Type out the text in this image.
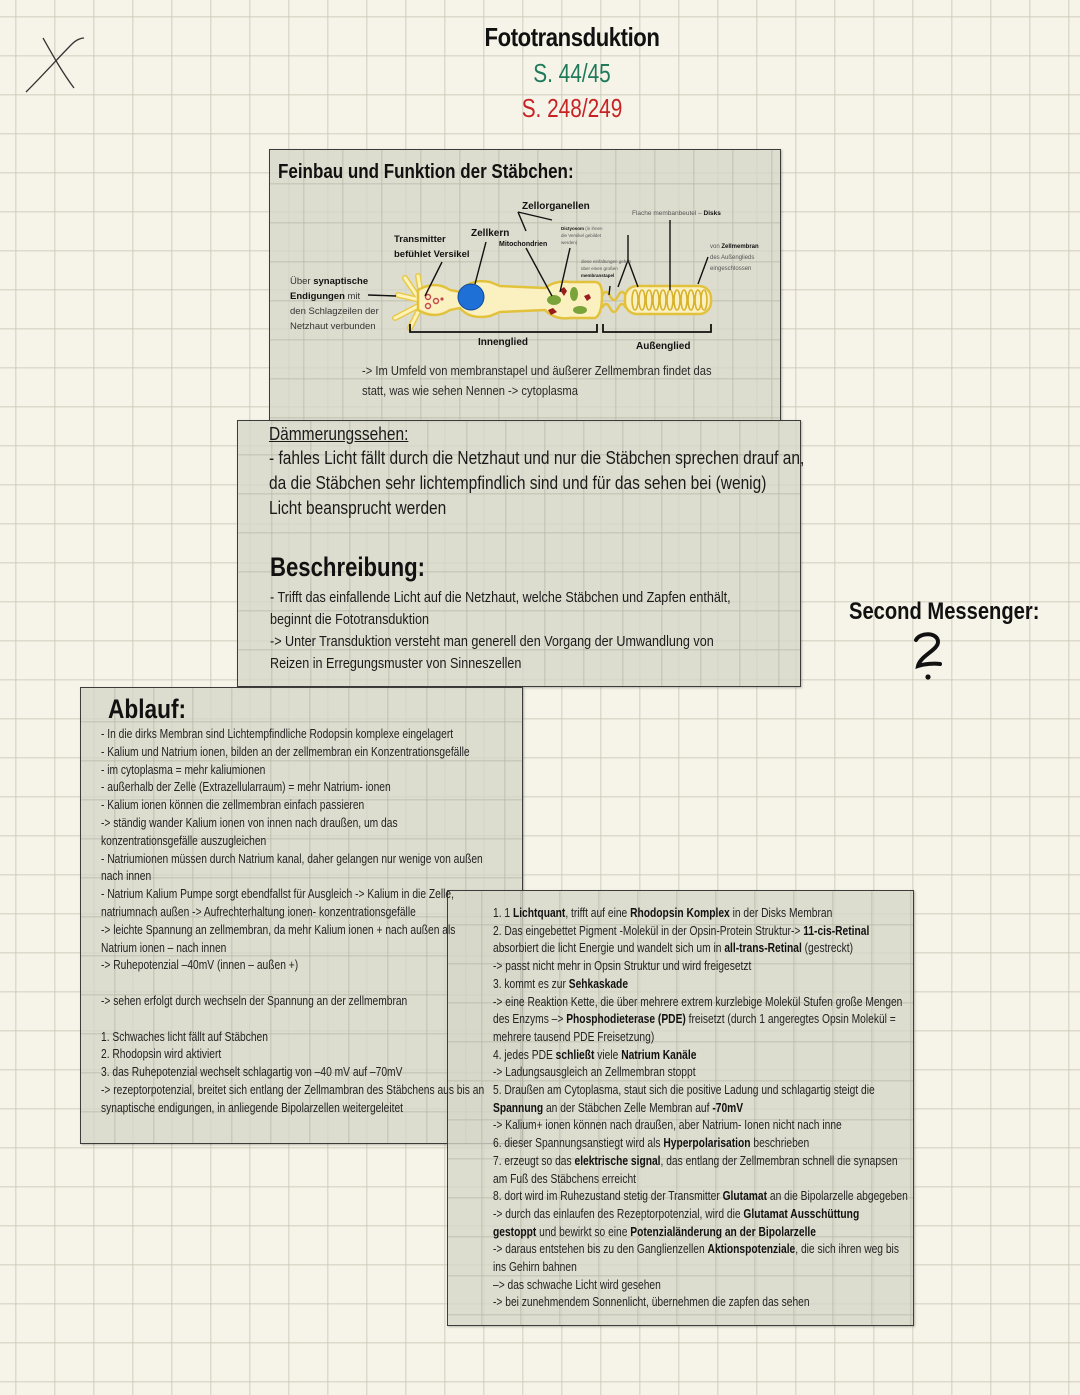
Fototransduktion
S. 44/45
S. 248/249
Feinbau und Funktion der Stäbchen:
Über synaptische
Endigungen mit
den Schlagzeilen der
Netzhaut verbunden
Transmitter
befühlet Versikel
Zellkern
Zellorganellen
Mitochondrien
Dictyosom (in ihnen
die Versikel gebildet
werden)
diese einfaltungen gehen
über einen großen
membranstapel
Flache membanbeutel – Disks
von Zellmembran
des Außenglieds
eingeschlossen
Innenglied	Außenglied
-> Im Umfeld von membranstapel und äußerer Zellmembran findet das
statt, was wie sehen Nennen -> cytoplasma
Dämmerungssehen:
- fahles Licht fällt durch die Netzhaut und nur die Stäbchen sprechen drauf an,
da die Stäbchen sehr lichtempfindlich sind und für das sehen bei (wenig)
Licht beansprucht werden
Beschreibung:
- Trifft das einfallende Licht auf die Netzhaut, welche Stäbchen und Zapfen enthält,
beginnt die Fototransduktion
-> Unter Transduktion versteht man generell den Vorgang der Umwandlung von
Reizen in Erregungsmuster von Sinneszellen
Second Messenger:
Ablauf:
- In die dirks Membran sind Lichtempfindliche Rodopsin komplexe eingelagert
- Kalium und Natrium ionen, bilden an der zellmembran ein Konzentrationsgefälle
- im cytoplasma = mehr kaliumionen
- außerhalb der Zelle (Extrazellularraum) = mehr Natrium- ionen
- Kalium ionen können die zellmembran einfach passieren
-> ständig wander Kalium ionen von innen nach draußen, um das
konzentrationsgefälle auszugleichen
- Natriumionen müssen durch Natrium kanal, daher gelangen nur wenige von außen
nach innen
- Natrium Kalium Pumpe sorgt ebendfallst für Ausgleich -> Kalium in die Zelle,
natriumnach außen -> Aufrechterhaltung ionen- konzentrationsgefälle
-> leichte Spannung an zellmembran, da mehr Kalium ionen + nach außen als
Natrium ionen – nach innen
-> Ruhepotenzial –40mV (innen – außen +)
-> sehen erfolgt durch wechseln der Spannung an der zellmembran
1. Schwaches licht fällt auf Stäbchen
2. Rhodopsin wird aktiviert
3. das Ruhepotenzial wechselt schlagartig von –40 mV auf –70mV
-> rezeptorpotenzial, breitet sich entlang der Zellmambran des Stäbchens aus bis an
synaptische endigungen, in anliegende Bipolarzellen weitergeleitet
1. 1 Lichtquant, trifft auf eine Rhodopsin Komplex in der Disks Membran
2. Das eingebettet Pigment -Molekül in der Opsin-Protein Struktur-> 11-cis-Retinal
absorbiert die licht Energie und wandelt sich um in all-trans-Retinal (gestreckt)
-> passt nicht mehr in Opsin Struktur und wird freigesetzt
3. kommt es zur Sehkaskade
-> eine Reaktion Kette, die über mehrere extrem kurzlebige Molekül Stufen große Mengen
des Enzyms –> Phosphodieterase (PDE) freisetzt (durch 1 angeregtes Opsin Molekül =
mehrere tausend PDE Freisetzung)
4. jedes PDE schließt viele Natrium Kanäle
-> Ladungsausgleich an Zellmembran stoppt
5. Draußen am Cytoplasma, staut sich die positive Ladung und schlagartig steigt die
Spannung an der Stäbchen Zelle Membran auf -70mV
-> Kalium+ ionen können nach draußen, aber Natrium- Ionen nicht nach inne
6. dieser Spannungsanstiegt wird als Hyperpolarisation beschrieben
7. erzeugt so das elektrische signal, das entlang der Zellmembran schnell die synapsen
am Fuß des Stäbchens erreicht
8. dort wird im Ruhezustand stetig der Transmitter Glutamat an die Bipolarzelle abgegeben
-> durch das einlaufen des Rezeptorpotenzial, wird die Glutamat Ausschüttung
gestoppt und bewirkt so eine Potenzialänderung an der Bipolarzelle
-> daraus entstehen bis zu den Ganglienzellen Aktionspotenziale, die sich ihren weg bis
ins Gehirn bahnen
–> das schwache Licht wird gesehen
-> bei zunehmendem Sonnenlicht, übernehmen die zapfen das sehen
